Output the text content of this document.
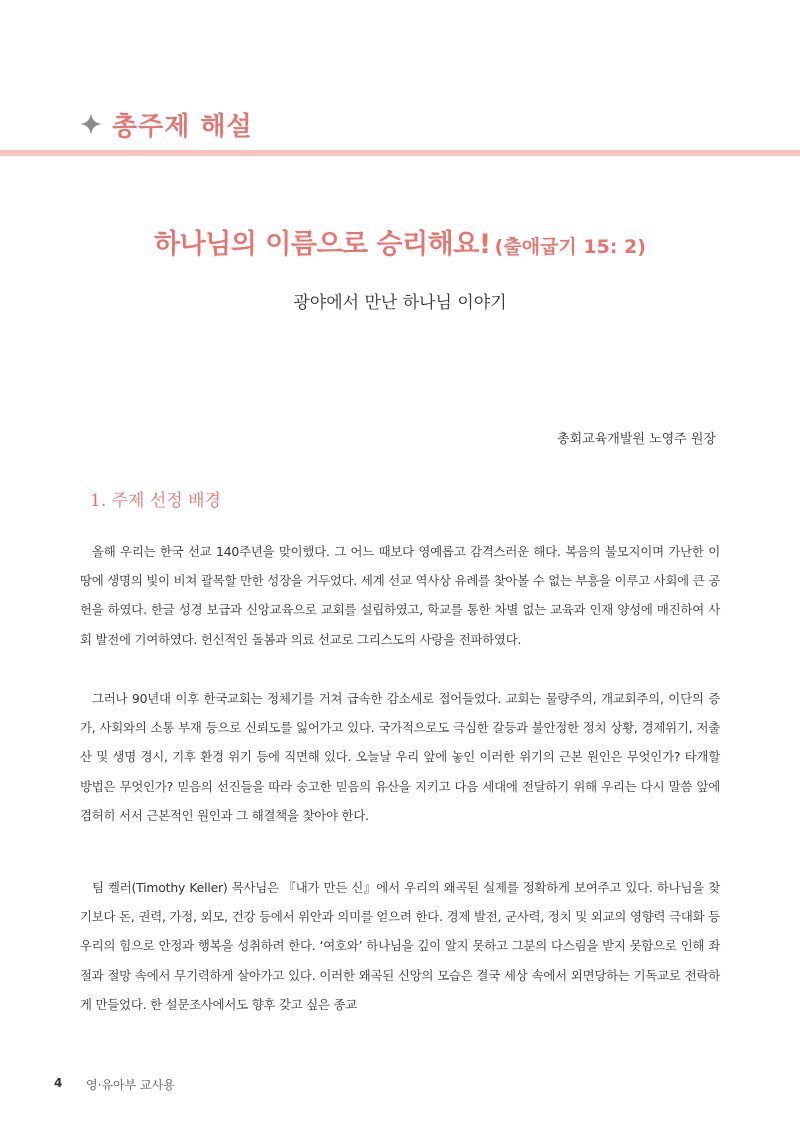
총주제 해설
하나님의 이름으로 승리해요! (출애굽기 15: 2)
광야에서 만난 하나님 이야기
총회교육개발원 노영주 원장
1. 주제 선정 배경

올해 우리는 한국 선교 140주년을 맞이했다. 그 어느 때보다 영예롭고 감격스러운 해다. 복음의 불모지이며 가난한 이 땅에 생명의 빛이 비쳐 괄목할 만한 성장을 거두었다. 세계 선교 역사상 유례를 찾아볼 수 없는 부흥을 이루고 사회에 큰 공헌을 하였다. 한글 성경 보급과 신앙교육으로 교회를 설립하였고, 학교를 통한 차별 없는 교육과 인재 양성에 매진하여 사회 발전에 기여하였다. 헌신적인 돌봄과 의료 선교로 그리스도의 사랑을 전파하였다.

그러나 90년대 이후 한국교회는 정체기를 거쳐 급속한 감소세로 접어들었다. 교회는 물량주의, 개교회주의, 이단의 증가, 사회와의 소통 부재 등으로 신뢰도를 잃어가고 있다. 국가적으로도 극심한 갈등과 불안정한 정치 상황, 경제위기, 저출산 및 생명 경시, 기후 환경 위기 등에 직면해 있다. 오늘날 우리 앞에 놓인 이러한 위기의 근본 원인은 무엇인가? 타개할 방법은 무엇인가? 믿음의 선진들을 따라 숭고한 믿음의 유산을 지키고 다음 세대에 전달하기 위해 우리는 다시 말씀 앞에 겸허히 서서 근본적인 원인과 그 해결책을 찾아야 한다.

팀 켈러(Timothy Keller) 목사님은 『내가 만든 신』에서 우리의 왜곡된 실제를 정확하게 보여주고 있다. 하나님을 찾기보다 돈, 권력, 가정, 외모, 건강 등에서 위안과 의미를 얻으려 한다. 경제 발전, 군사력, 정치 및 외교의 영향력 극대화 등 우리의 힘으로 안정과 행복을 성취하려 한다. ‘여호와’ 하나님을 깊이 알지 못하고 그분의 다스림을 받지 못함으로 인해 좌절과 절망 속에서 무기력하게 살아가고 있다. 이러한 왜곡된 신앙의 모습은 결국 세상 속에서 외면당하는 기독교로 전락하게 만들었다. 한 설문조사에서도 향후 갖고 싶은 종교

4 영·유아부 교사용
